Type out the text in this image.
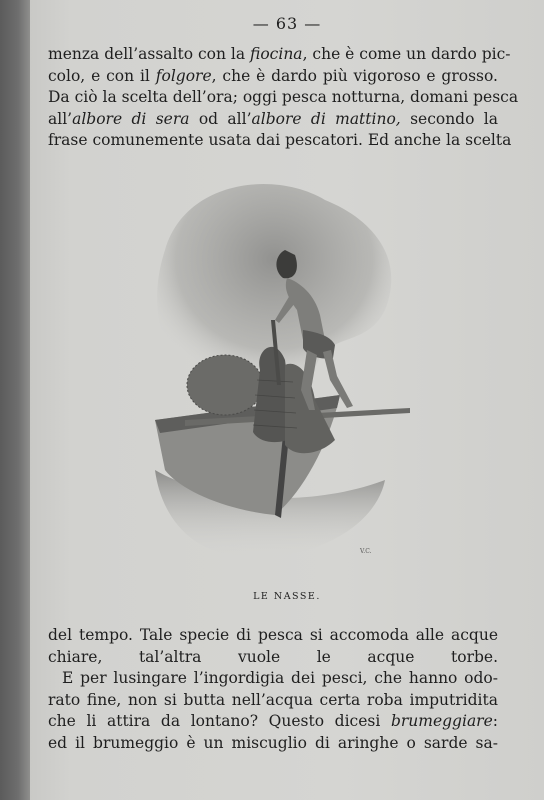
— 63 —
menza dell’assalto con la fiocina, che è come un dardo pic-
colo, e con il folgore, che è dardo più vigoroso e grosso.
Da ciò la scelta dell’ora; oggi pesca notturna, domani pesca
all’albore di sera od all’albore di mattino, secondo la
frase comunemente usata dai pescatori. Ed anche la scelta
V.C.
LE NASSE.
del tempo. Tale specie di pesca si accomoda alle acque
chiare, tal’altra vuole le acque torbe.
E per lusingare l’ingordigia dei pesci, che hanno odo-
rato fine, non si butta nell’acqua certa roba imputridita
che li attira da lontano? Questo dicesi brumeggiare:
ed il brumeggio è un miscuglio di aringhe o sarde sa-
